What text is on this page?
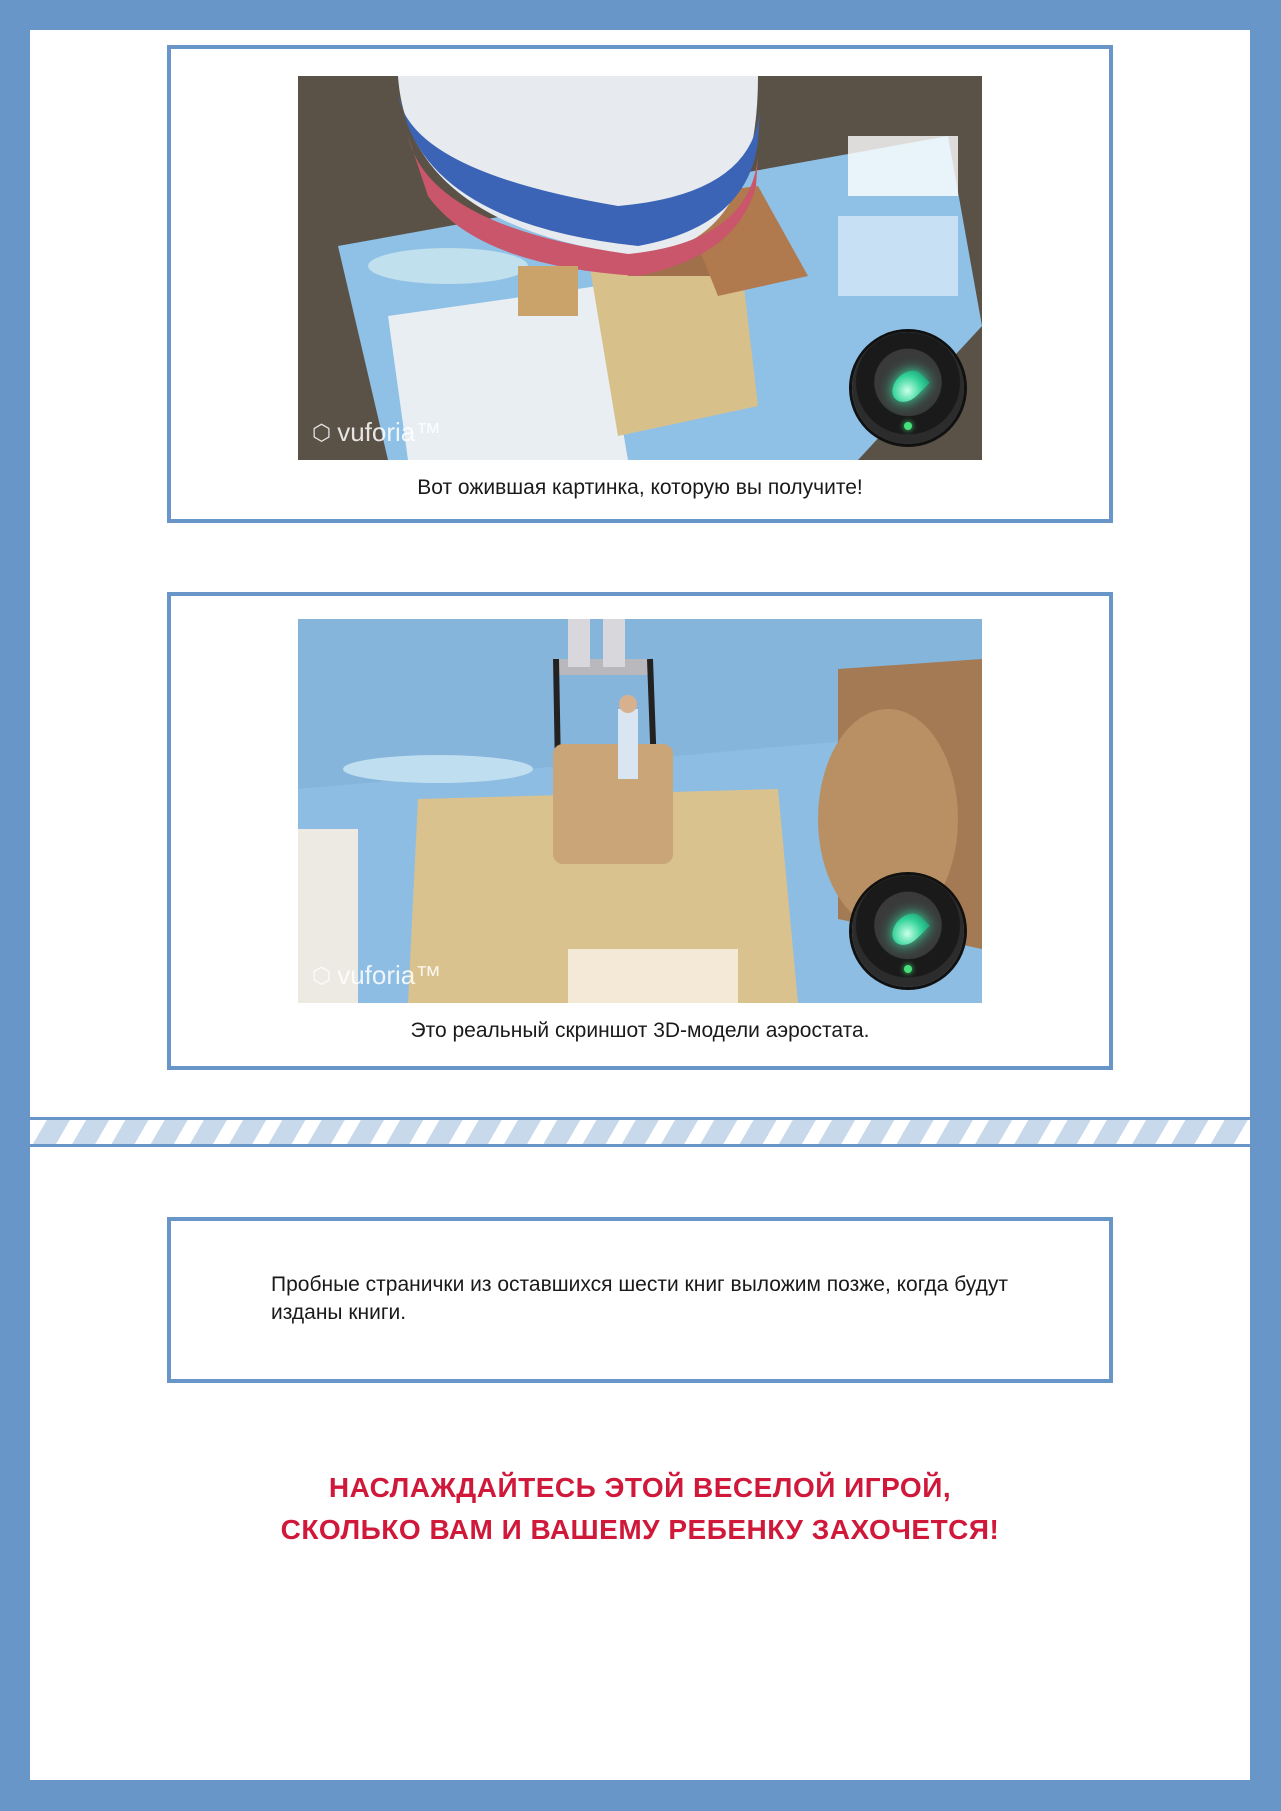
⬡ vuforia™
Вот ожившая картинка, которую вы получите!
⬡ vuforia™
Это реальный скриншот 3D-модели аэростата.
Пробные странички из оставшихся шести книг выложим позже, когда будут изданы книги.
НАСЛАЖДАЙТЕСЬ ЭТОЙ ВЕСЕЛОЙ ИГРОЙ,
СКОЛЬКО ВАМ И ВАШЕМУ РЕБЕНКУ ЗАХОЧЕТСЯ!
